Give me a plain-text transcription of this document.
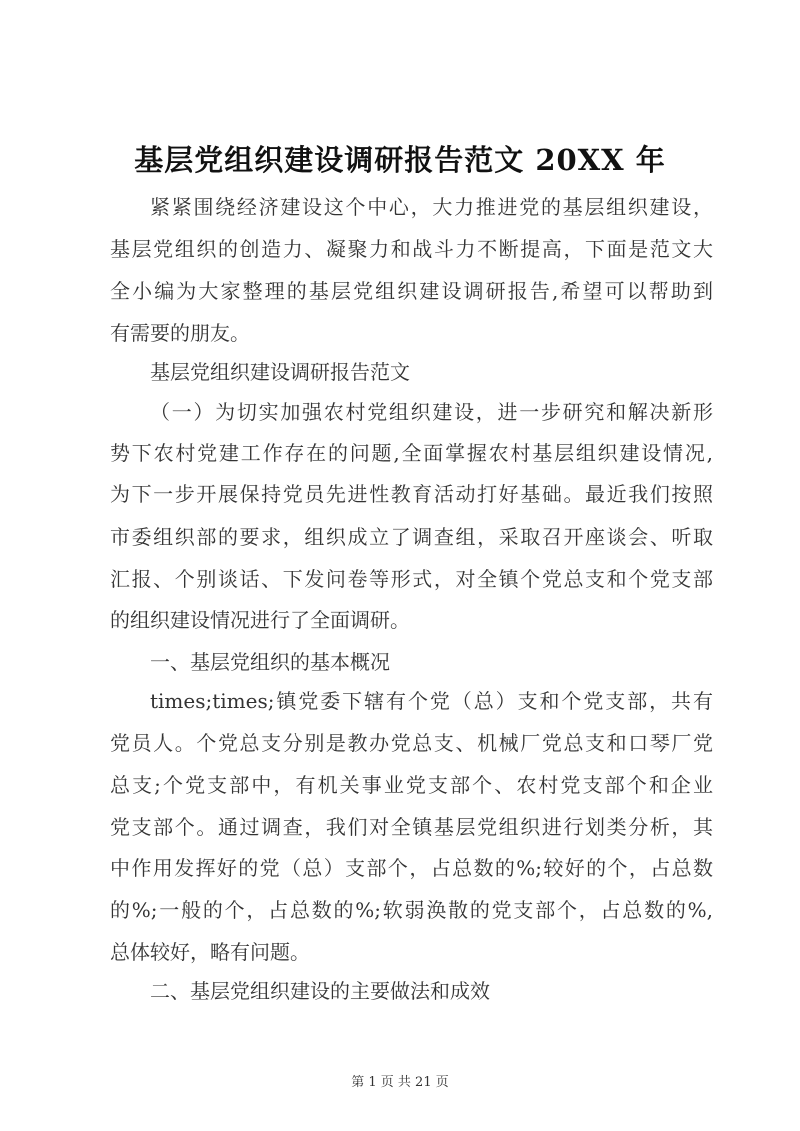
基层党组织建设调研报告范文 20XX 年
紧紧围绕经济建设这个中心，大力推进党的基层组织建设，
基层党组织的创造力、凝聚力和战斗力不断提高，下面是范文大
全小编为大家整理的基层党组织建设调研报告,希望可以帮助到
有需要的朋友。
基层党组织建设调研报告范文
（一）为切实加强农村党组织建设，进一步研究和解决新形
势下农村党建工作存在的问题,全面掌握农村基层组织建设情况,
为下一步开展保持党员先进性教育活动打好基础。最近我们按照
市委组织部的要求，组织成立了调查组，采取召开座谈会、听取
汇报、个别谈话、下发问卷等形式，对全镇个党总支和个党支部
的组织建设情况进行了全面调研。
一、基层党组织的基本概况
times;times;镇党委下辖有个党（总）支和个党支部，共有
党员人。个党总支分别是教办党总支、机械厂党总支和口琴厂党
总支;个党支部中，有机关事业党支部个、农村党支部个和企业
党支部个。通过调查，我们对全镇基层党组织进行划类分析，其
中作用发挥好的党（总）支部个，占总数的%;较好的个，占总数
的%;一般的个，占总数的%;软弱涣散的党支部个，占总数的%,
总体较好，略有问题。
二、基层党组织建设的主要做法和成效
第 1 页 共 21 页
